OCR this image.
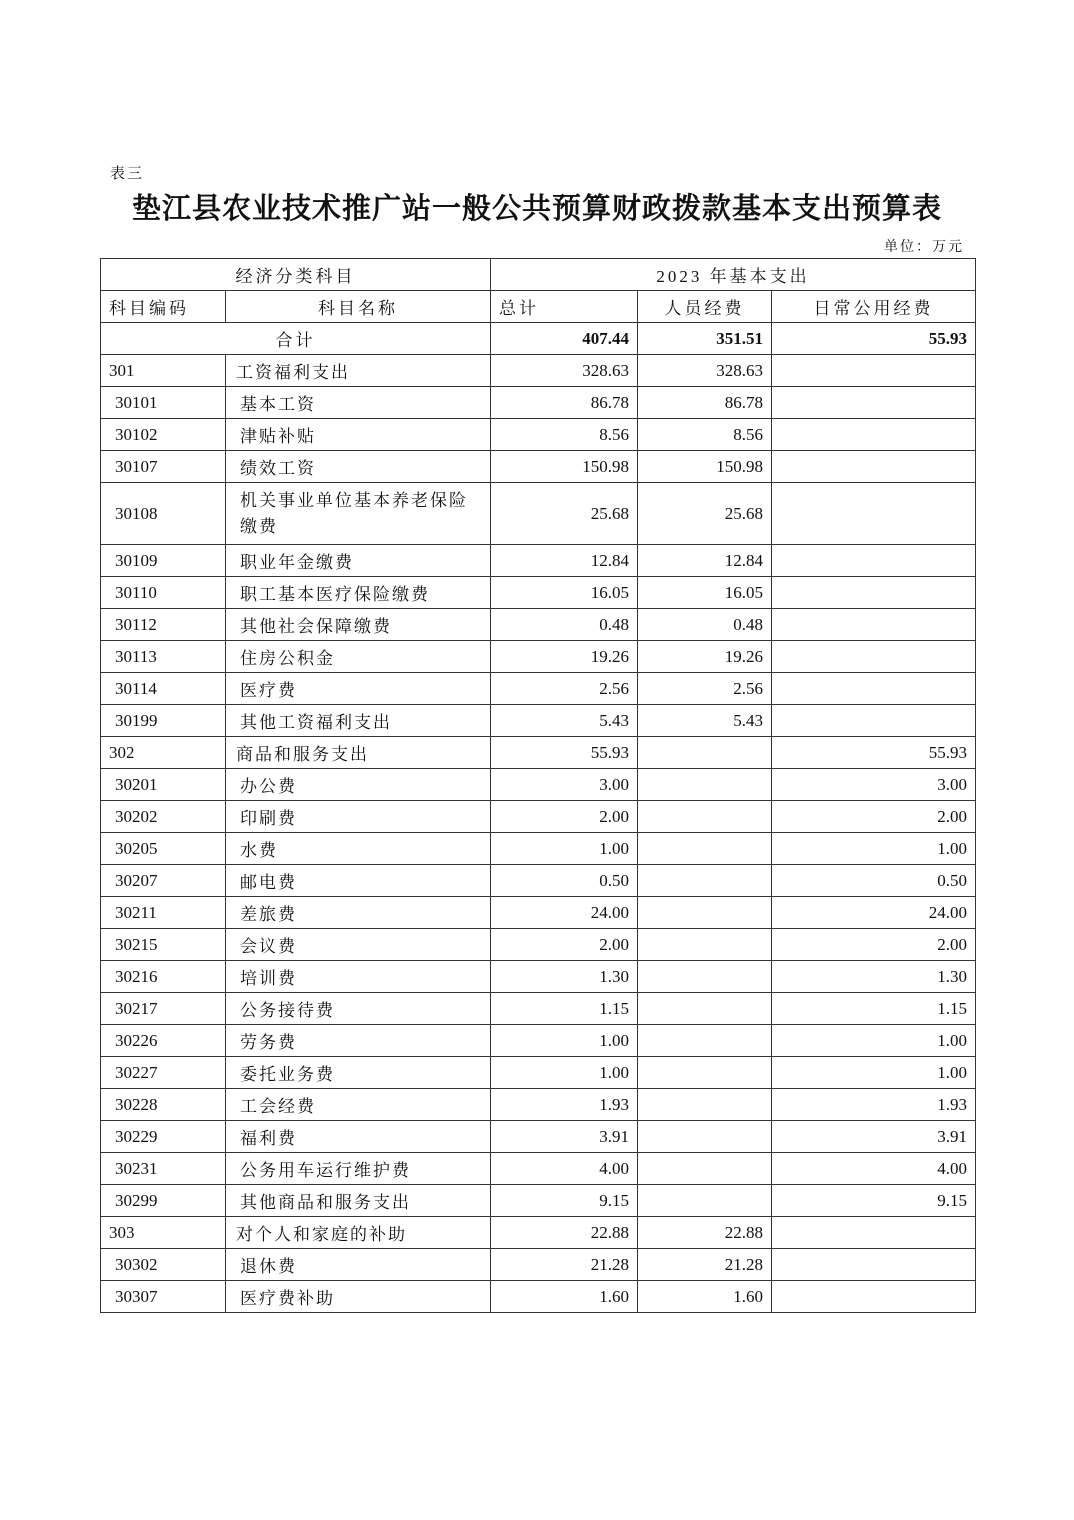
表三
垫江县农业技术推广站一般公共预算财政拨款基本支出预算表
单位：万元
经济分类科目		2023 年基本支出		
科目编码	科目名称	总计	人员经费	日常公用经费
合计		407.44	351.51	55.93
301	工资福利支出	328.63	328.63	
30101	基本工资	86.78	86.78	
30102	津贴补贴	8.56	8.56	
30107	绩效工资	150.98	150.98	
30108	机关事业单位基本养老保险缴费	25.68	25.68	
30109	职业年金缴费	12.84	12.84	
30110	职工基本医疗保险缴费	16.05	16.05	
30112	其他社会保障缴费	0.48	0.48	
30113	住房公积金	19.26	19.26	
30114	医疗费	2.56	2.56	
30199	其他工资福利支出	5.43	5.43	
302	商品和服务支出	55.93		55.93
30201	办公费	3.00		3.00
30202	印刷费	2.00		2.00
30205	水费	1.00		1.00
30207	邮电费	0.50		0.50
30211	差旅费	24.00		24.00
30215	会议费	2.00		2.00
30216	培训费	1.30		1.30
30217	公务接待费	1.15		1.15
30226	劳务费	1.00		1.00
30227	委托业务费	1.00		1.00
30228	工会经费	1.93		1.93
30229	福利费	3.91		3.91
30231	公务用车运行维护费	4.00		4.00
30299	其他商品和服务支出	9.15		9.15
303	对个人和家庭的补助	22.88	22.88	
30302	退休费	21.28	21.28	
30307	医疗费补助	1.60	1.60	
